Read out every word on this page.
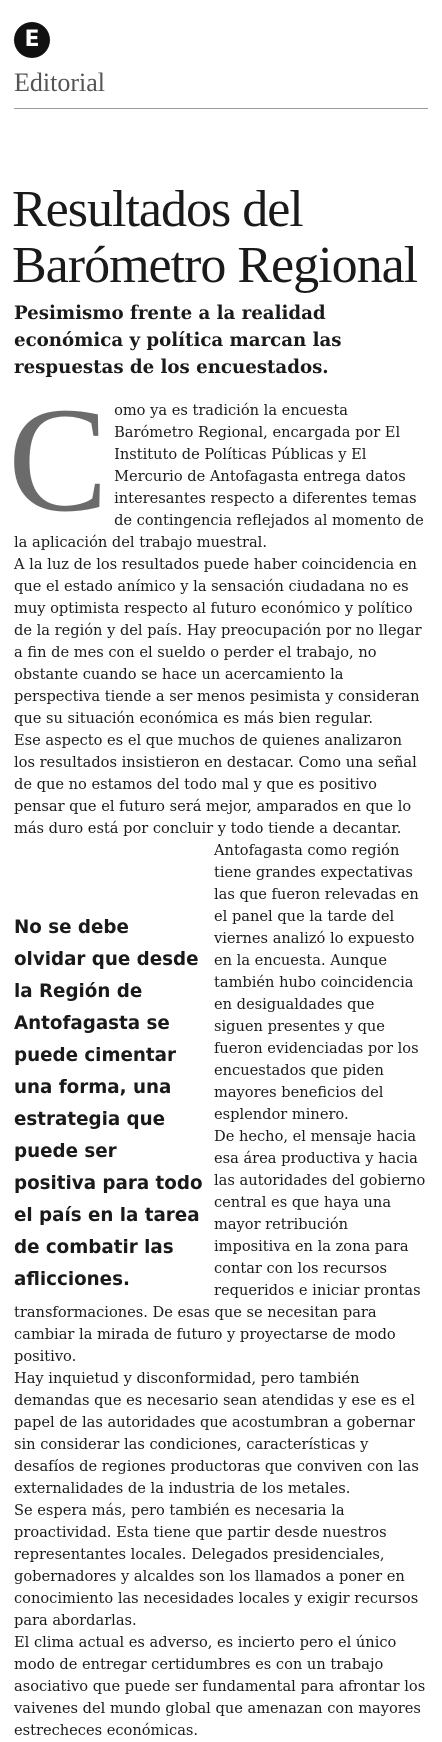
E
Editorial
Resultados del Barómetro Regional

Pesimismo frente a la realidad económica y política marcan las respuestas de los encuestados.

C omo ya es tradición la encuesta Barómetro Regional, encargada por El Instituto de Políticas Públicas y El Mercurio de Antofagasta entrega datos interesantes respecto a diferentes temas de contingencia reflejados al momento de la aplicación del trabajo muestral.

A la luz de los resultados puede haber coincidencia en que el estado anímico y la sensación ciudadana no es muy optimista respecto al futuro económico y político de la región y del país. Hay preocupación por no llegar a fin de mes con el sueldo o perder el trabajo, no obstante cuando se hace un acercamiento la perspectiva tiende a ser menos pesimista y consideran que su situación económica es más bien regular.

Ese aspecto es el que muchos de quienes analizaron los resultados insistieron en destacar. Como una señal de que no estamos del todo mal y que es positivo pensar que el futuro será mejor, amparados en que lo más duro está por concluir y todo tiende a decantar.

No se debe olvidar que desde la Región de Antofagasta se puede cimentar una forma, una estrategia que puede ser positiva para todo el país en la tarea de combatir las aflicciones.

Antofagasta como región tiene grandes expectativas las que fueron relevadas en el panel que la tarde del viernes analizó lo expuesto en la encuesta. Aunque también hubo coincidencia en desigualdades que siguen presentes y que fueron evidenciadas por los encuestados que piden mayores beneficios del esplendor minero.

De hecho, el mensaje hacia esa área productiva y hacia las autoridades del gobierno central es que haya una mayor retribución impositiva en la zona para contar con los recursos requeridos e iniciar prontas transformaciones. De esas que se necesitan para cambiar la mirada de futuro y proyectarse de modo positivo.

Hay inquietud y disconformidad, pero también demandas que es necesario sean atendidas y ese es el papel de las autoridades que acostumbran a gobernar sin considerar las condiciones, características y desafíos de regiones productoras que conviven con las externalidades de la industria de los metales.

Se espera más, pero también es necesaria la proactividad. Esta tiene que partir desde nuestros representantes locales. Delegados presidenciales, gobernadores y alcaldes son los llamados a poner en conocimiento las necesidades locales y exigir recursos para abordarlas.

El clima actual es adverso, es incierto pero el único modo de entregar certidumbres es con un trabajo asociativo que puede ser fundamental para afrontar los vaivenes del mundo global que amenazan con mayores estrecheces económicas.
